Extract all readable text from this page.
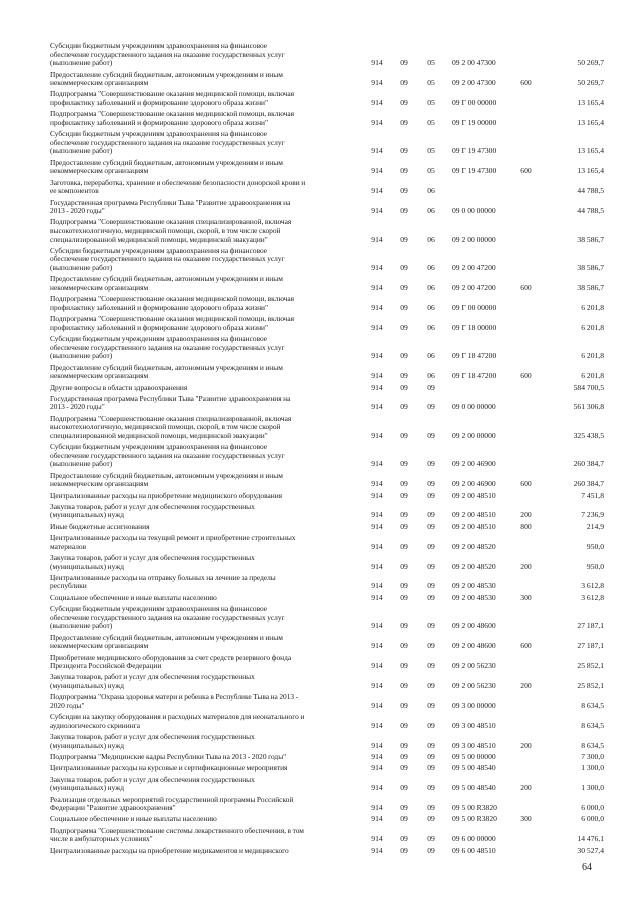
64
Субсидии бюджетным учреждениям здравоохранения на финансовое
обеспечение государственного задания на оказание государственных услуг
(выполнение работ)	914	09	05	09 2 00 47300	50 269,7
Предоставление субсидий бюджетным, автономным учреждениям и иным
некоммерческим организациям	914	09	05	09 2 00 47300	600	50 269,7
Подпрограмма "Совершенствование оказания медицинской помощи, включая
профилактику заболеваний и формирование здорового образа жизни"	914	09	05	09 Г 00 00000	13 165,4
Подпрограмма "Совершенствование оказания медицинской помощи, включая
профилактику заболеваний и формирование здорового образа жизни"	914	09	05	09 Г 19 00000	13 165,4
Субсидии бюджетным учреждениям здравоохранения на финансовое
обеспечение государственного задания на оказание государственных услуг
(выполнение работ)	914	09	05	09 Г 19 47300	13 165,4
Предоставление субсидий бюджетным, автономным учреждениям и иным
некоммерческим организациям	914	09	05	09 Г 19 47300	600	13 165,4
Заготовка, переработка, хранение и обеспечение безопасности донорской крови и
ее компонентов	914	09	06	44 788,5
Государственная программа Республики Тыва "Развитие здравоохранения на
2013 - 2020 годы"	914	09	06	09 0 00 00000	44 788,5
Подпрограмма "Совершенствование оказания специализированной, включая
высокотехнологичную, медицинской помощи, скорой, в том числе скорой
специализированной медицинской помощи, медицинской эвакуации"	914	09	06	09 2 00 00000	38 586,7
Субсидии бюджетным учреждениям здравоохранения на финансовое
обеспечение государственного задания на оказание государственных услуг
(выполнение работ)	914	09	06	09 2 00 47200	38 586,7
Предоставление субсидий бюджетным, автономным учреждениям и иным
некоммерческим организациям	914	09	06	09 2 00 47200	600	38 586,7
Подпрограмма "Совершенствование оказания медицинской помощи, включая
профилактику заболеваний и формирование здорового образа жизни"	914	09	06	09 Г 00 00000	6 201,8
Подпрограмма "Совершенствование оказания медицинской помощи, включая
профилактику заболеваний и формирование здорового образа жизни"	914	09	06	09 Г 18 00000	6 201,8
Субсидии бюджетным учреждениям здравоохранения на финансовое
обеспечение государственного задания на оказание государственных услуг
(выполнение работ)	914	09	06	09 Г 18 47200	6 201,8
Предоставление субсидий бюджетным, автономным учреждениям и иным
некоммерческим организациям	914	09	06	09 Г 18 47200	600	6 201,8
Другие вопросы в области здравоохранения	914	09	09	584 700,5
Государственная программа Республики Тыва "Развитие здравоохранения на
2013 - 2020 годы"	914	09	09	09 0 00 00000	561 306,8
Подпрограмма "Совершенствование оказания специализированной, включая
высокотехнологичную, медицинской помощи, скорой, в том числе скорой
специализированной медицинской помощи, медицинской эвакуации"	914	09	09	09 2 00 00000	325 438,5
Субсидии бюджетным учреждениям здравоохранения на финансовое
обеспечение государственного задания на оказание государственных услуг
(выполнение работ)	914	09	09	09 2 00 46900	260 384,7
Предоставление субсидий бюджетным, автономным учреждениям и иным
некоммерческим организациям	914	09	09	09 2 00 46900	600	260 384,7
Централизованные расходы на приобретение медицинского оборудования	914	09	09	09 2 00 48510	7 451,8
Закупка товаров, работ и услуг для обеспечения государственных
(муниципальных) нужд	914	09	09	09 2 00 48510	200	7 236,9
Иные бюджетные ассигнования	914	09	09	09 2 00 48510	800	214,9
Централизованные расходы на текущий ремонт и приобретение строительных
материалов	914	09	09	09 2 00 48520	950,0
Закупка товаров, работ и услуг для обеспечения государственных
(муниципальных) нужд	914	09	09	09 2 00 48520	200	950,0
Централизованные расходы на отправку больных на лечение за пределы
республики	914	09	09	09 2 00 48530	3 612,8
Социальное обеспечение и иные выплаты населению	914	09	09	09 2 00 48530	300	3 612,8
Субсидии бюджетным учреждениям здравоохранения на финансовое
обеспечение государственного задания на оказание государственных услуг
(выполнение работ)	914	09	09	09 2 00 48600	27 187,1
Предоставление субсидий бюджетным, автономным учреждениям и иным
некоммерческим организациям	914	09	09	09 2 00 48600	600	27 187,1
Приобретение медицинского оборудования за счет средств резервного фонда
Президента Российской Федерации	914	09	09	09 2 00 56230	25 852,1
Закупка товаров, работ и услуг для обеспечения государственных
(муниципальных) нужд	914	09	09	09 2 00 56230	200	25 852,1
Подпрограмма "Охрана здоровья матери и ребенка в Республике Тыва на 2013 -
2020 годы"	914	09	09	09 3 00 00000	8 634,5
Субсидии на закупку оборудования и расходных материалов для неонатального и
аудиологического скрининга	914	09	09	09 3 00 48510	8 634,5
Закупка товаров, работ и услуг для обеспечения государственных
(муниципальных) нужд	914	09	09	09 3 00 48510	200	8 634,5
Подпрограмма "Медицинские кадры Республики Тыва на 2013 - 2020 годы"	914	09	09	09 5 00 00000	7 300,0
Централизованные расходы на курсовые и сертификационные мероприятия	914	09	09	09 5 00 48540	1 300,0
Закупка товаров, работ и услуг для обеспечения государственных
(муниципальных) нужд	914	09	09	09 5 00 48540	200	1 300,0
Реализация отдельных мероприятий государственной программы Российской
Федерации "Развитие здравоохранения"	914	09	09	09 5 00 R3820	6 000,0
Социальное обеспечение и иные выплаты населению	914	09	09	09 5 00 R3820	300	6 000,0
Подпрограмма "Совершенствование системы лекарственного обеспечения, в том
числе в амбулаторных условиях"	914	09	09	09 6 00 00000	14 476,1
Централизованные расходы на приобретение медикаментов и медицинского	914	09	09	09 6 00 48510	30 527,4
